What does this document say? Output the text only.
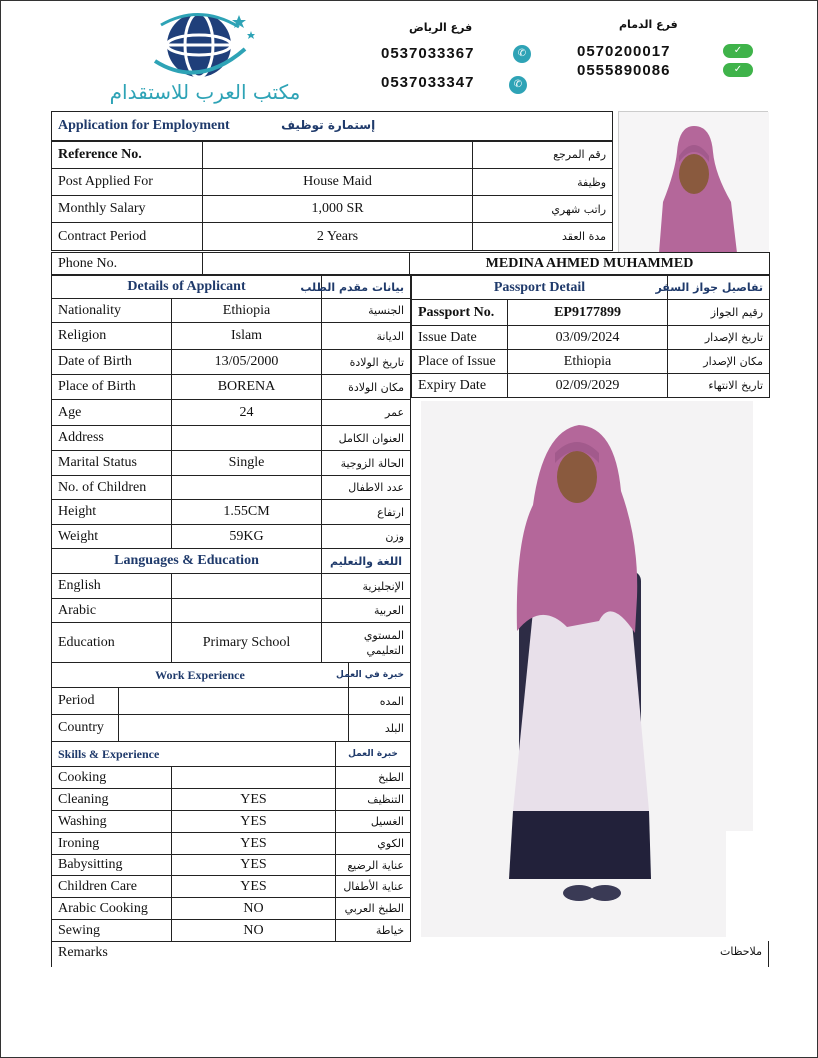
مكتب العرب للاستقدام
فرع الرياض
0537033367	✆
0537033347	✆
فرع الدمام
0570200017	✓
0555890086	✓
Application for Employment إستمارة توظيف		
Reference No.		رقم المرجع
Post Applied For	House Maid	وظيفة
Monthly Salary	1,000 SR	راتب شهري
Contract Period	2 Years	مدة العقد
Phone No.		MEDINA AHMED MUHAMMED
Details of Applicant		بيانات مقدم الطلب
Nationality	Ethiopia	الجنسية
Religion	Islam	الديانة
Date of Birth	13/05/2000	تاريخ الولادة
Place of Birth	BORENA	مكان الولادة
Age	24	عمر
Address		العنوان الكامل
Marital Status	Single	الحالة الزوجية
No. of Children		عدد الاطفال
Height	1.55CM	ارتفاع
Weight	59KG	وزن
Languages & Education		اللغة والتعليم
English		الإنجليزية
Arabic		العربية
Education	Primary School	المستوي التعليمي
Work Experience		خبرة في العمل
Period		المده
Country		البلد
Skills & Experience		خبرة العمل
Cooking		الطبخ
Cleaning	YES	التنظيف
Washing	YES	الغسيل
Ironing	YES	الكوي
Babysitting	YES	عناية الرضيع
Children Care	YES	عناية الأطفال
Arabic Cooking	NO	الطبخ العربي
Sewing	NO	خياطة
Remarks	ملاحظات
Passport Detail		تفاصيل جواز السفر
Passport No.	EP9177899	رقيم الجواز
Issue Date	03/09/2024	تاريخ الإصدار
Place of Issue	Ethiopia	مكان الإصدار
Expiry Date	02/09/2029	تاريخ الانتهاء
